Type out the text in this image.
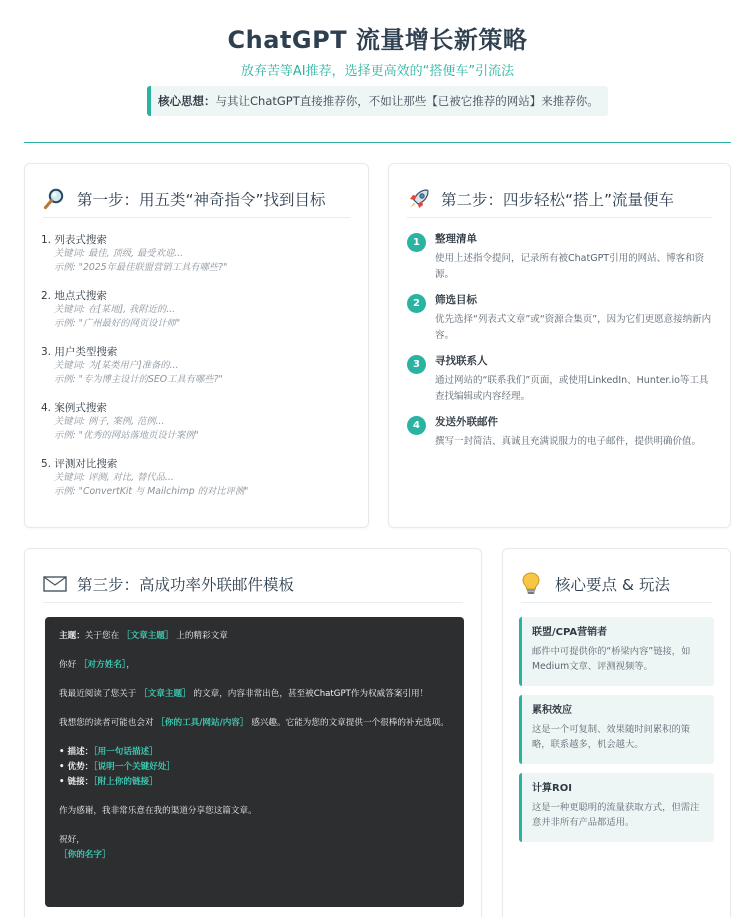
ChatGPT 流量增长新策略
放弃苦等AI推荐，选择更高效的“搭便车”引流法
核心思想：与其让ChatGPT直接推荐你，不如让那些【已被它推荐的网站】来推荐你。
第一步：用五类“神奇指令”找到目标
1. 列表式搜索
关键词: 最佳, 顶级, 最受欢迎...
示例: "2025年最佳联盟营销工具有哪些?"
2. 地点式搜索
关键词: 在[某地], 我附近的...
示例: "广州最好的网页设计师"
3. 用户类型搜索
关键词: 为[某类用户]准备的...
示例: "专为博主设计的SEO工具有哪些?"
4. 案例式搜索
关键词: 例子, 案例, 范例...
示例: "优秀的网站落地页设计案例"
5. 评测对比搜索
关键词: 评测, 对比, 替代品...
示例: "ConvertKit 与 Mailchimp 的对比评测"
第二步：四步轻松“搭上”流量便车
1	整理清单
使用上述指令提问，记录所有被ChatGPT引用的网站、博客和资源。
2	筛选目标
优先选择“列表式文章”或“资源合集页”，因为它们更愿意接纳新内容。
3	寻找联系人
通过网站的“联系我们”页面，或使用LinkedIn、Hunter.io等工具查找编辑或内容经理。
4	发送外联邮件
撰写一封简洁、真诚且充满说服力的电子邮件，提供明确价值。
第三步：高成功率外联邮件模板

主题：关于您在 ［文章主题］ 上的精彩文章

你好 ［对方姓名］，

我最近阅读了您关于 ［文章主题］ 的文章，内容非常出色，甚至被ChatGPT作为权威答案引用！

我想您的读者可能也会对 ［你的工具/网站/内容］ 感兴趣。它能为您的文章提供一个很棒的补充选项。

• 描述：［用一句话描述］

• 优势：［说明一个关键好处］

• 链接：［附上你的链接］

作为感谢，我非常乐意在我的渠道分享您这篇文章。

祝好，

［你的名字］

核心要点 & 玩法
联盟/CPA营销者
邮件中可提供你的“桥梁内容”链接，如Medium文章、评测视频等。
累积效应
这是一个可复制、效果随时间累积的策略，联系越多，机会越大。
计算ROI
这是一种更聪明的流量获取方式，但需注意并非所有产品都适用。
